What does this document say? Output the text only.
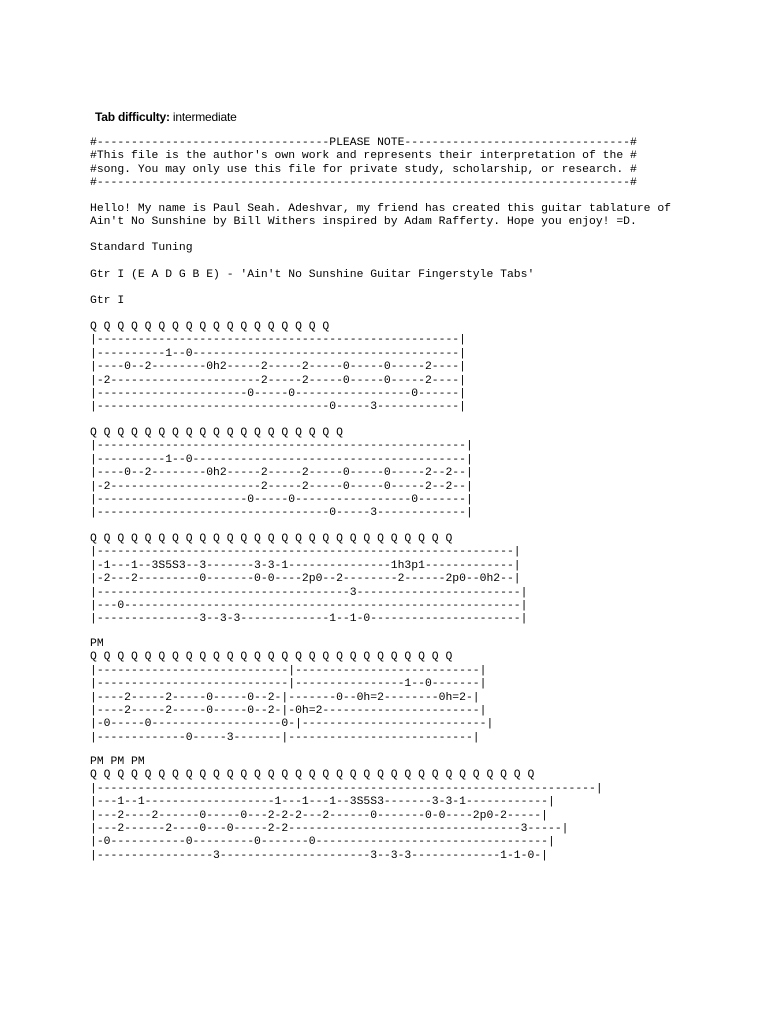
Tab difficulty: intermediate
#----------------------------------PLEASE NOTE---------------------------------#
#This file is the author's own work and represents their interpretation of the #
#song. You may only use this file for private study, scholarship, or research. #
#------------------------------------------------------------------------------#
Hello! My name is Paul Seah. Adeshvar, my friend has created this guitar tablature of
Ain't No Sunshine by Bill Withers inspired by Adam Rafferty. Hope you enjoy! =D.
Standard Tuning
Gtr I (E A D G B E) - 'Ain't No Sunshine Guitar Fingerstyle Tabs'
Gtr I
Q Q Q Q Q Q Q Q Q Q Q Q Q Q Q Q Q Q
|-----------------------------------------------------|
|----------1--0---------------------------------------|
|----0--2--------0h2-----2-----2-----0-----0-----2----|
|-2----------------------2-----2-----0-----0-----2----|
|----------------------0-----0-----------------0------|
|----------------------------------0-----3------------|
Q Q Q Q Q Q Q Q Q Q Q Q Q Q Q Q Q Q Q
|------------------------------------------------------|
|----------1--0----------------------------------------|
|----0--2--------0h2-----2-----2-----0-----0-----2--2--|
|-2----------------------2-----2-----0-----0-----2--2--|
|----------------------0-----0-----------------0-------|
|----------------------------------0-----3-------------|
Q Q Q Q Q Q Q Q Q Q Q Q Q Q Q Q Q Q Q Q Q Q Q Q Q Q Q
|-------------------------------------------------------------|
|-1---1--3S5S3--3-------3-3-1---------------1h3p1-------------|
|-2---2---------0-------0-0----2p0--2--------2------2p0--0h2--|
|-------------------------------------3------------------------|
|---0----------------------------------------------------------|
|---------------3--3-3-------------1--1-0----------------------|
PM
Q Q Q Q Q Q Q Q Q Q Q Q Q Q Q Q Q Q Q Q Q Q Q Q Q Q Q
|----------------------------|---------------------------|
|----------------------------|----------------1--0-------|
|----2-----2-----0-----0--2-|-------0--0h=2--------0h=2-|
|----2-----2-----0-----0--2-|-0h=2-----------------------|
|-0-----0-------------------0-|---------------------------|
|-------------0-----3-------|---------------------------|
PM PM PM
Q Q Q Q Q Q Q Q Q Q Q Q Q Q Q Q Q Q Q Q Q Q Q Q Q Q Q Q Q Q Q Q Q
|-------------------------------------------------------------------------|
|---1--1-------------------1---1---1--3S5S3-------3-3-1------------|
|---2----2------0-----0---2-2-2---2------0-------0-0----2p0-2-----|
|---2------2----0---0-----2-2----------------------------------3-----|
|-0-----------0---------0-------0----------------------------------|
|-----------------3----------------------3--3-3-------------1-1-0-|
